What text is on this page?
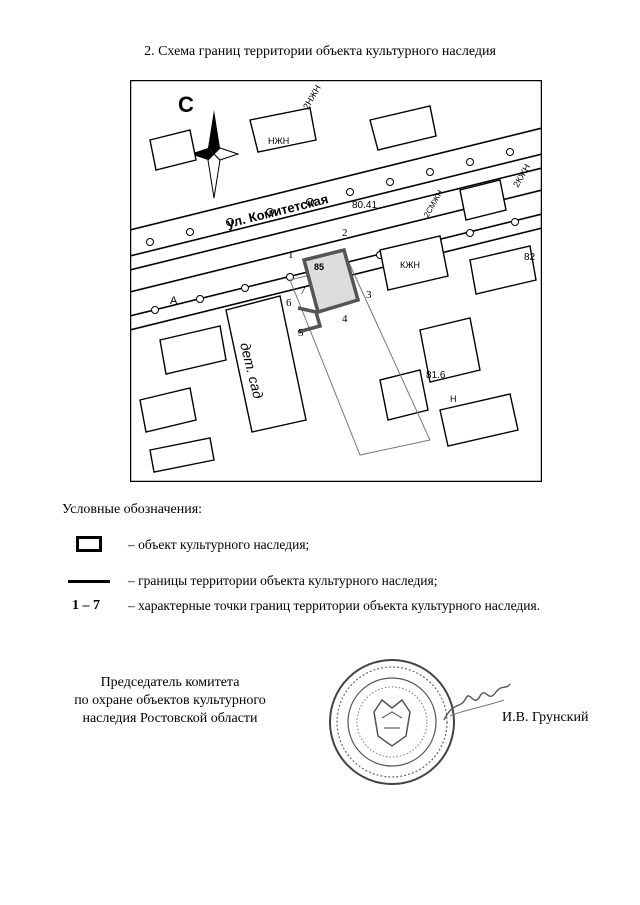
2. Схема границ территории объекта культурного наследия
С
85
1
2
3
4
5
6
7
ул. Комитетская
дет. сад
80.41
81.6
82
А
2НЖН
2СМЖН
2КЖН
НЖН
КЖН
Н
Условные обозначения:
– объект культурного наследия;
– границы территории объекта культурного наследия;
1 – 7 – характерные точки границ территории объекта культурного наследия.
Председатель комитета
по охране объектов культурного
наследия Ростовской области	И.В. Грунский
